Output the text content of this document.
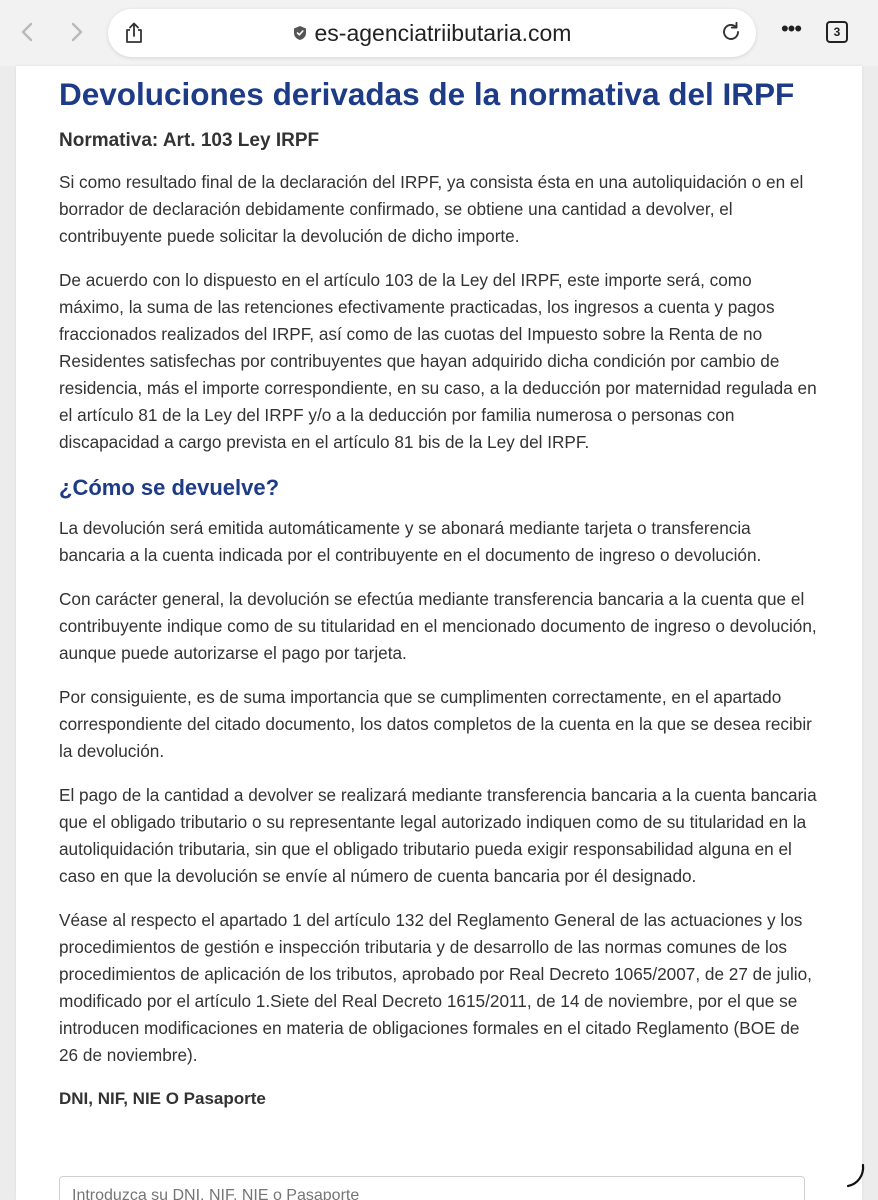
es-agenciatriibutaria.com	•••	3
Devoluciones derivadas de la normativa del IRPF
Normativa: Art. 103 Ley IRPF

Si como resultado final de la declaración del IRPF, ya consista ésta en una autoliquidación o en el borrador de declaración debidamente confirmado, se obtiene una cantidad a devolver, el contribuyente puede solicitar la devolución de dicho importe.

De acuerdo con lo dispuesto en el artículo 103 de la Ley del IRPF, este importe será, como máximo, la suma de las retenciones efectivamente practicadas, los ingresos a cuenta y pagos fraccionados realizados del IRPF, así como de las cuotas del Impuesto sobre la Renta de no Residentes satisfechas por contribuyentes que hayan adquirido dicha condición por cambio de residencia, más el importe correspondiente, en su caso, a la deducción por maternidad regulada en el artículo 81 de la Ley del IRPF y/o a la deducción por familia numerosa o personas con discapacidad a cargo prevista en el artículo 81 bis de la Ley del IRPF.

¿Cómo se devuelve?

La devolución será emitida automáticamente y se abonará mediante tarjeta o transferencia bancaria a la cuenta indicada por el contribuyente en el documento de ingreso o devolución.

Con carácter general, la devolución se efectúa mediante transferencia bancaria a la cuenta que el contribuyente indique como de su titularidad en el mencionado documento de ingreso o devolución, aunque puede autorizarse el pago por tarjeta.

Por consiguiente, es de suma importancia que se cumplimenten correctamente, en el apartado correspondiente del citado documento, los datos completos de la cuenta en la que se desea recibir la devolución.

El pago de la cantidad a devolver se realizará mediante transferencia bancaria a la cuenta bancaria que el obligado tributario o su representante legal autorizado indiquen como de su titularidad en la autoliquidación tributaria, sin que el obligado tributario pueda exigir responsabilidad alguna en el caso en que la devolución se envíe al número de cuenta bancaria por él designado.

Véase al respecto el apartado 1 del artículo 132 del Reglamento General de las actuaciones y los procedimientos de gestión e inspección tributaria y de desarrollo de las normas comunes de los procedimientos de aplicación de los tributos, aprobado por Real Decreto 1065/2007, de 27 de julio, modificado por el artículo 1.Siete del Real Decreto 1615/2011, de 14 de noviembre, por el que se introducen modificaciones en materia de obligaciones formales en el citado Reglamento (BOE de 26 de noviembre).

DNI, NIF, NIE O Pasaporte
Introduzca su DNI, NIF, NIE o Pasaporte
